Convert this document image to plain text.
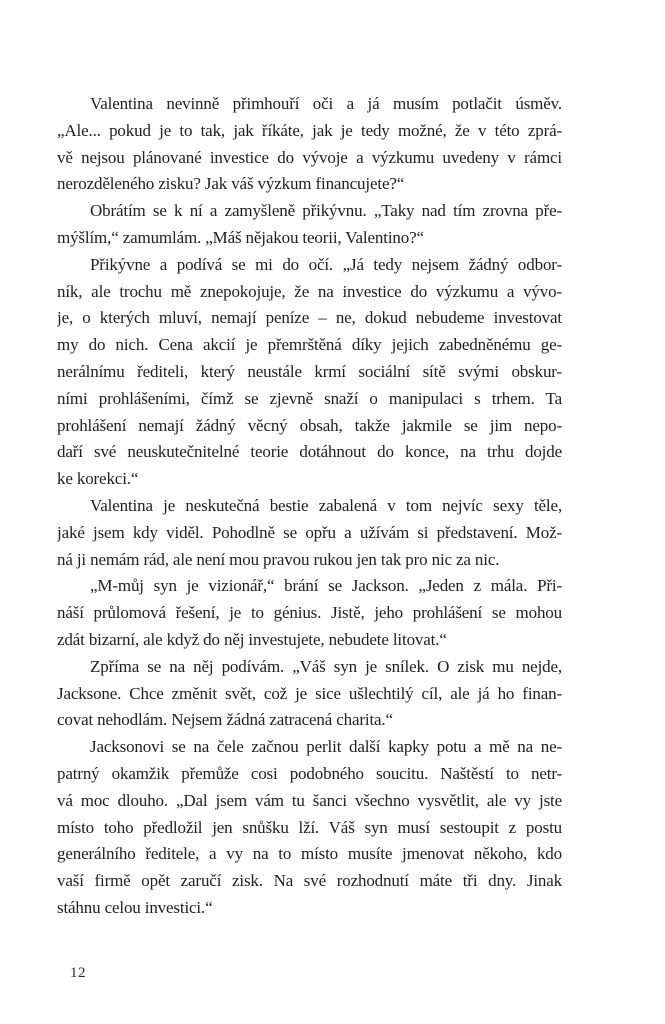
Valentina nevinně přimhouří oči a já musím potlačit úsměv.
„Ale... pokud je to tak, jak říkáte, jak je tedy možné, že v této zprá-
vě nejsou plánované investice do vývoje a výzkumu uvedeny v rámci
nerozděleného zisku? Jak váš výzkum financujete?“
Obrátím se k ní a zamyšleně přikývnu. „Taky nad tím zrovna pře-
mýšlím,“ zamumlám. „Máš nějakou teorii, Valentino?“
Přikývne a podívá se mi do očí. „Já tedy nejsem žádný odbor-
ník, ale trochu mě znepokojuje, že na investice do výzkumu a vývo-
je, o kterých mluví, nemají peníze – ne, dokud nebudeme investovat
my do nich. Cena akcií je přemrštěná díky jejich zabedněnému ge-
nerálnímu řediteli, který neustále krmí sociální sítě svými obskur-
ními prohlášeními, čímž se zjevně snaží o manipulaci s trhem. Ta
prohlášení nemají žádný věcný obsah, takže jakmile se jim nepo-
daří své neuskutečnitelné teorie dotáhnout do konce, na trhu dojde
ke korekci.“
Valentina je neskutečná bestie zabalená v tom nejvíc sexy těle,
jaké jsem kdy viděl. Pohodlně se opřu a užívám si představení. Mož-
ná ji nemám rád, ale není mou pravou rukou jen tak pro nic za nic.
„M-můj syn je vizionář,“ brání se Jackson. „Jeden z mála. Při-
náší průlomová řešení, je to génius. Jistě, jeho prohlášení se mohou
zdát bizarní, ale když do něj investujete, nebudete litovat.“
Zpříma se na něj podívám. „Váš syn je snílek. O zisk mu nejde,
Jacksone. Chce změnit svět, což je sice ušlechtilý cíl, ale já ho finan-
covat nehodlám. Nejsem žádná zatracená charita.“
Jacksonovi se na čele začnou perlit další kapky potu a mě na ne-
patrný okamžik přemůže cosi podobného soucitu. Naštěstí to netr-
vá moc dlouho. „Dal jsem vám tu šanci všechno vysvětlit, ale vy jste
místo toho předložil jen snůšku lží. Váš syn musí sestoupit z postu
generálního ředitele, a vy na to místo musíte jmenovat někoho, kdo
vaší firmě opět zaručí zisk. Na své rozhodnutí máte tři dny. Jinak
stáhnu celou investici.“
12
